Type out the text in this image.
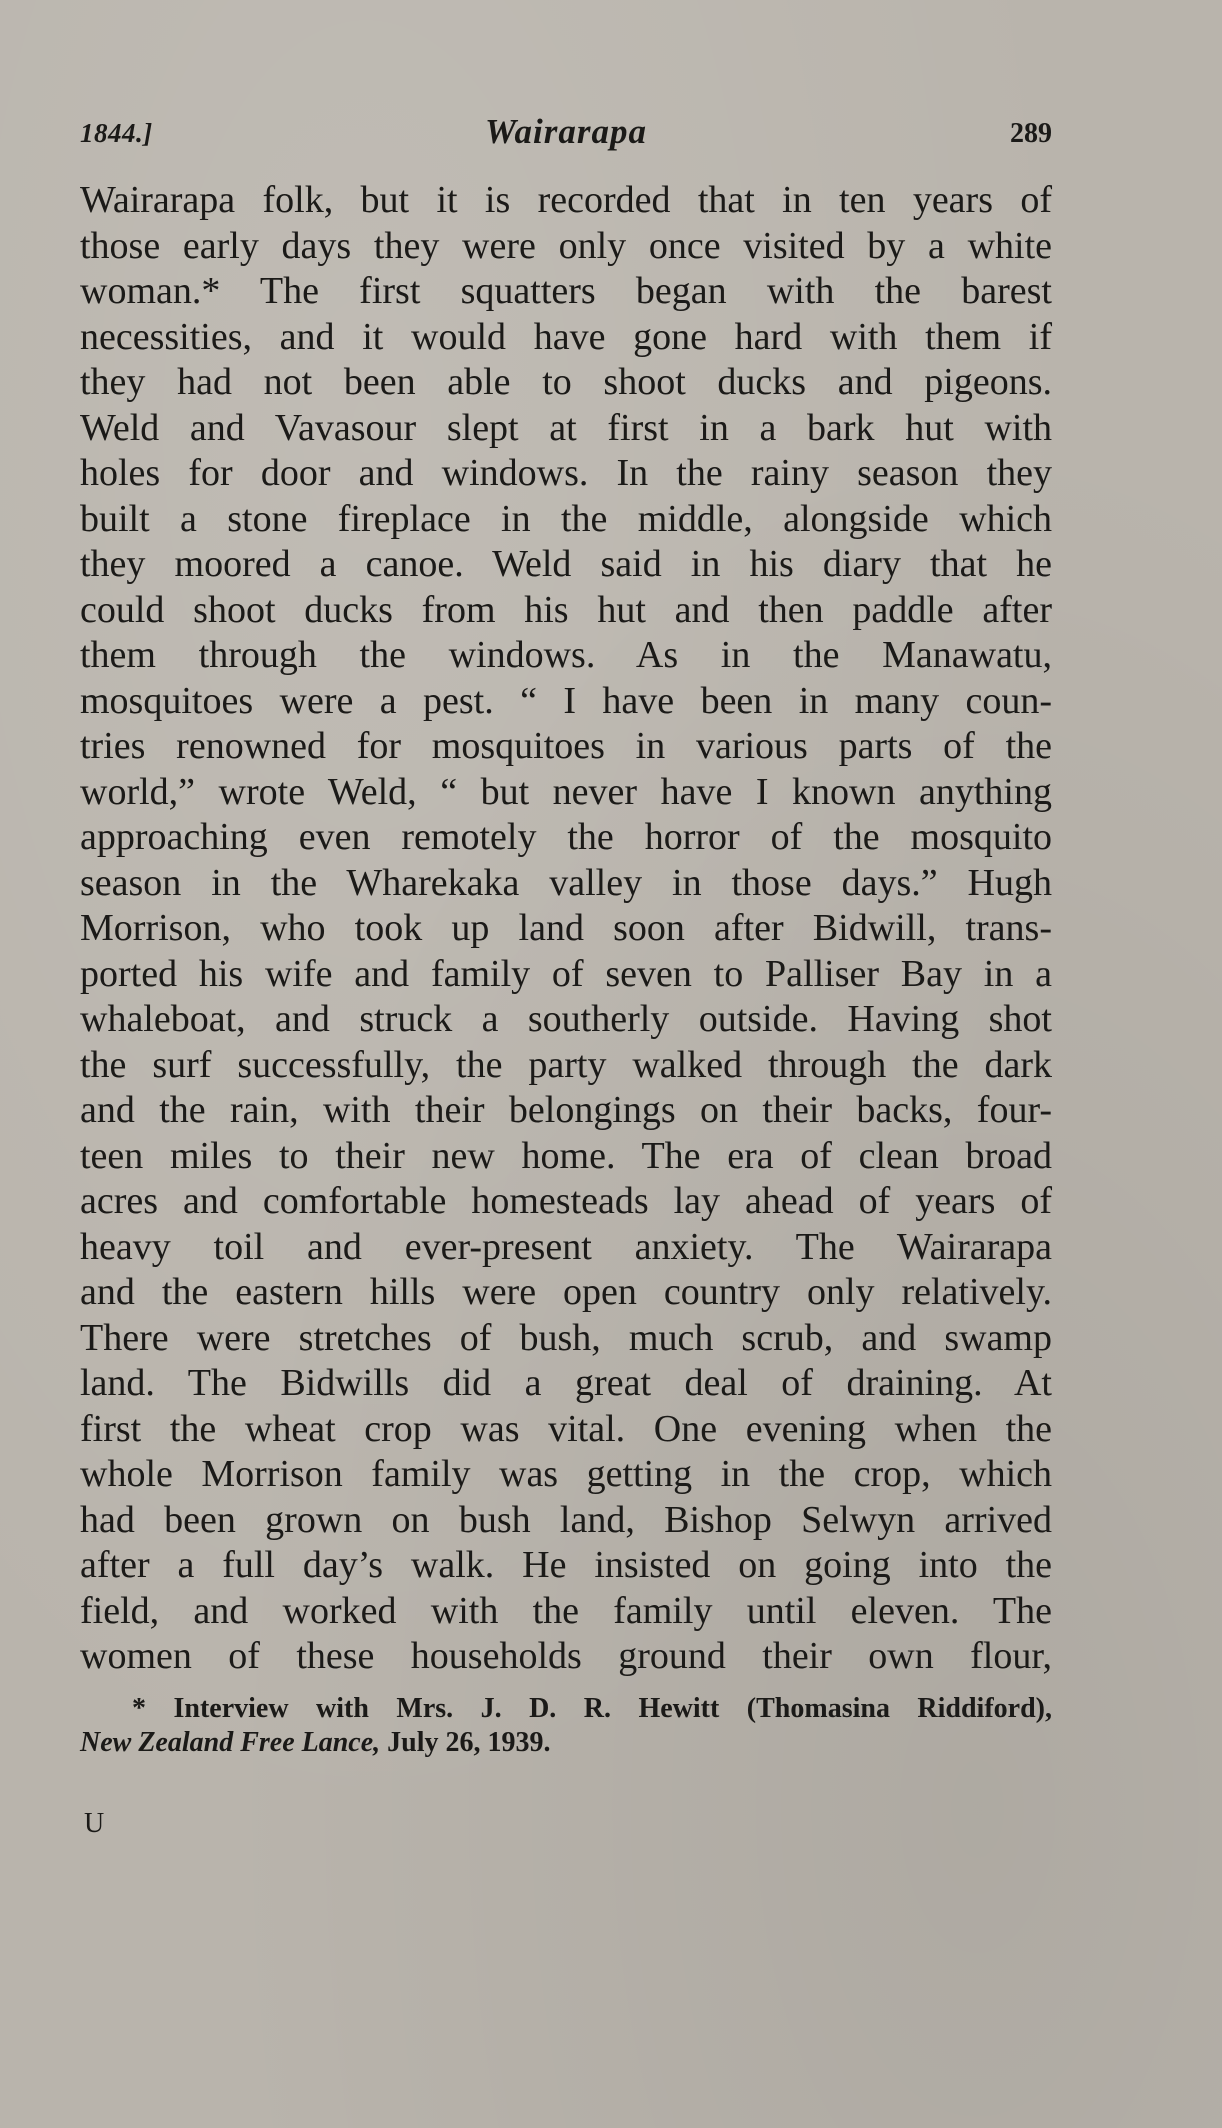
1844.]	Wairarapa	289
Wairarapa folk, but it is recorded that in ten years of
those early days they were only once visited by a white
woman.* The first squatters began with the barest
necessities, and it would have gone hard with them if
they had not been able to shoot ducks and pigeons.
Weld and Vavasour slept at first in a bark hut with
holes for door and windows. In the rainy season they
built a stone fireplace in the middle, alongside which
they moored a canoe. Weld said in his diary that he
could shoot ducks from his hut and then paddle after
them through the windows. As in the Manawatu,
mosquitoes were a pest. “ I have been in many coun-
tries renowned for mosquitoes in various parts of the
world,” wrote Weld, “ but never have I known anything
approaching even remotely the horror of the mosquito
season in the Wharekaka valley in those days.” Hugh
Morrison, who took up land soon after Bidwill, trans-
ported his wife and family of seven to Palliser Bay in a
whaleboat, and struck a southerly outside. Having shot
the surf successfully, the party walked through the dark
and the rain, with their belongings on their backs, four-
teen miles to their new home. The era of clean broad
acres and comfortable homesteads lay ahead of years of
heavy toil and ever-present anxiety. The Wairarapa
and the eastern hills were open country only relatively.
There were stretches of bush, much scrub, and swamp
land. The Bidwills did a great deal of draining. At
first the wheat crop was vital. One evening when the
whole Morrison family was getting in the crop, which
had been grown on bush land, Bishop Selwyn arrived
after a full day’s walk. He insisted on going into the
field, and worked with the family until eleven. The
women of these households ground their own flour,
* Interview with Mrs. J. D. R. Hewitt (Thomasina Riddiford),
New Zealand Free Lance, July 26, 1939.
U
